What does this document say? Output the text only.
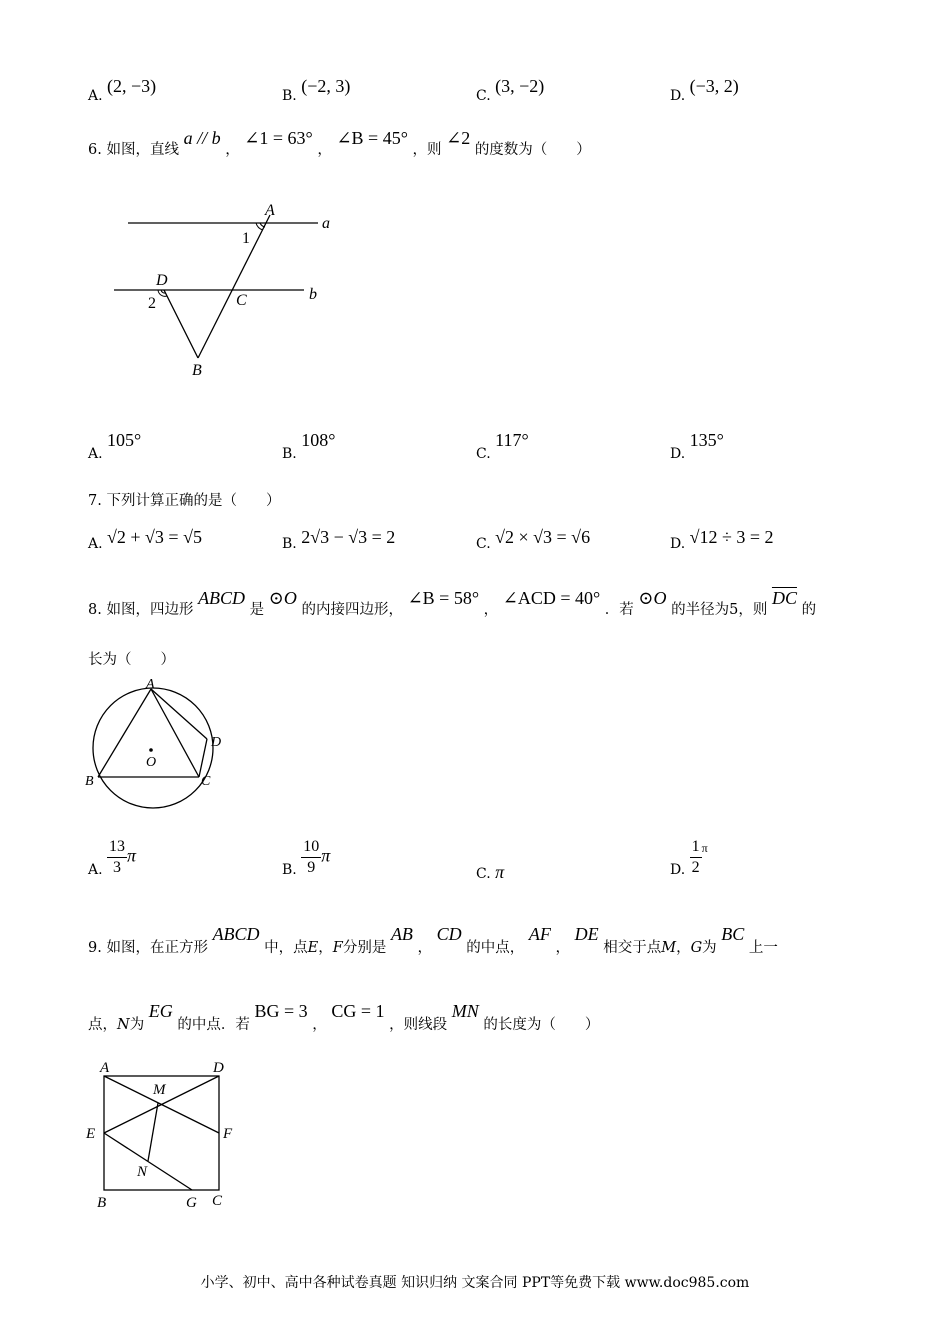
A. (2, −3)	B. (−2, 3)	C. (3, −2)	D. (−3, 2)
6. 如图，直线 a // b ， ∠1 = 63° ， ∠B = 45° ，则 ∠2 的度数为（　　）
A
a
1
D
2	C	b
B
A. 105°
B. 108°
C. 117°
D. 135°
7. 下列计算正确的是（　　）
A. √2 + √3 = √5	B. 2√3 − √3 = 2	C. √2 × √3 = √6	D. √12 ÷ 3 = 2
8. 如图，四边形 ABCD 是 ⊙O 的内接四边形， ∠B = 58° ， ∠ACD = 40° ．若 ⊙O 的半径为5，则 $\overline{DC}$ 的
长为（　　）
A
B	C
D
O
A. $\frac{13}{3}$ π
B. $\frac{10}{9}$ π
C. π	D. $\frac{1}{2}$ π
9. 如图，在正方形 ABCD 中，点E，F分别是 AB ， CD 的中点， AF ， DE 相交于点M，G为 BC 上一
点，N为 EG 的中点．若 BG = 3 ， CG = 1 ，则线段 MN 的长度为（　　）
A	D
M
E	F
N
B	G C
小学、初中、高中各种试卷真题 知识归纳 文案合同 PPT等免费下载 www.doc985.com
